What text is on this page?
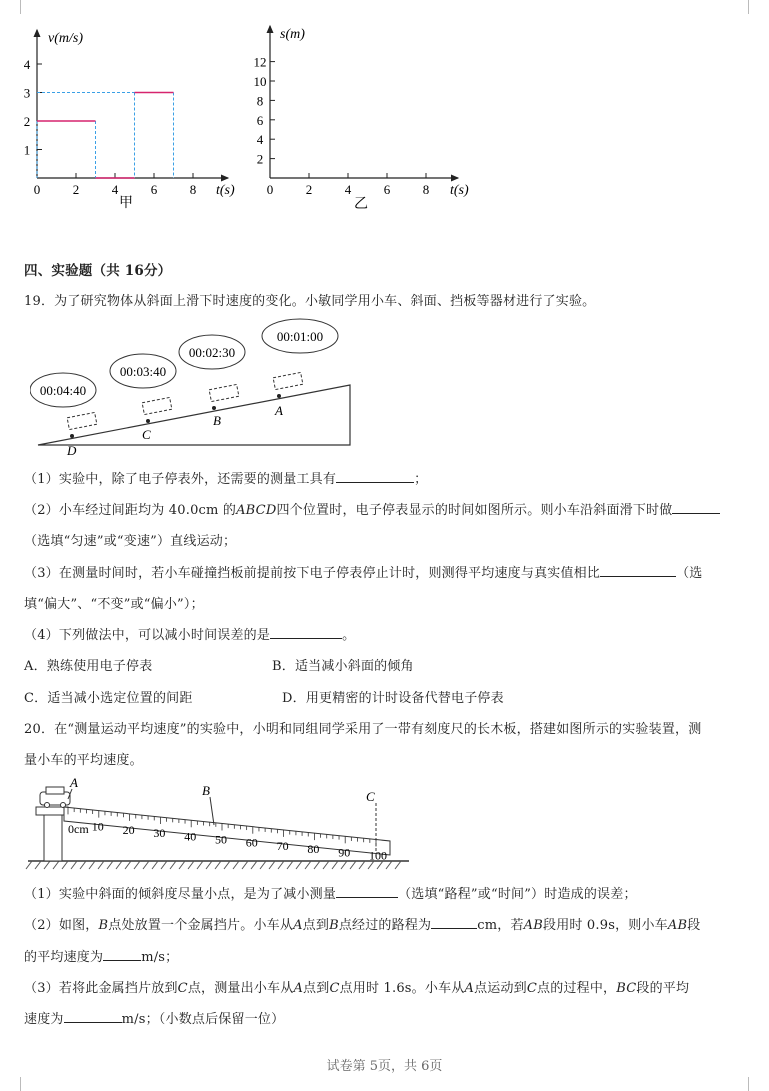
v(m/s)
t(s)
1
2
3
4
0	2	4	6	8
甲
s(m)
t(s)
2
4
6
8
10
12
0	2	4	6	8
乙
四、实验题（共 16分）
19．为了研究物体从斜面上滑下时速度的变化。小敏同学用小车、斜面、挡板等器材进行了实验。
00:04:40
00:03:40
00:02:30
00:01:00
D
C
B
A
（1）实验中，除了电子停表外，还需要的测量工具有	；
（2）小车经过间距均为 40.0cm 的ABCD四个位置时，电子停表显示的时间如图所示。则小车沿斜面滑下时做
（选填“匀速”或“变速”）直线运动；
（3）在测量时间时，若小车碰撞挡板前提前按下电子停表停止计时，则测得平均速度与真实值相比	（选
填“偏大”、“不变”或“偏小”）；
（4）下列做法中，可以减小时间误差的是	。
A．熟练使用电子停表	B．适当减小斜面的倾角
C．适当减小选定位置的间距	D．用更精密的计时设备代替电子停表
20．在“测量运动平均速度”的实验中，小明和同组同学采用了一带有刻度尺的长木板，搭建如图所示的实验装置，测
量小车的平均速度。
10 20 30 40 50 60 70 80 90 100
0cm
A
B	C
（1）实验中斜面的倾斜度尽量小点，是为了减小测量	（选填“路程”或“时间”）时造成的误差；
（2）如图，B点处放置一个金属挡片。小车从A点到B点经过的路程为	cm，若AB段用时 0.9s，则小车AB段
的平均速度为	m/s；
（3）若将此金属挡片放到C点，测量出小车从A点到C点用时 1.6s。小车从A点运动到C点的过程中，BC段的平均
速度为	m/s；（小数点后保留一位）
试卷第 5页，共 6页
